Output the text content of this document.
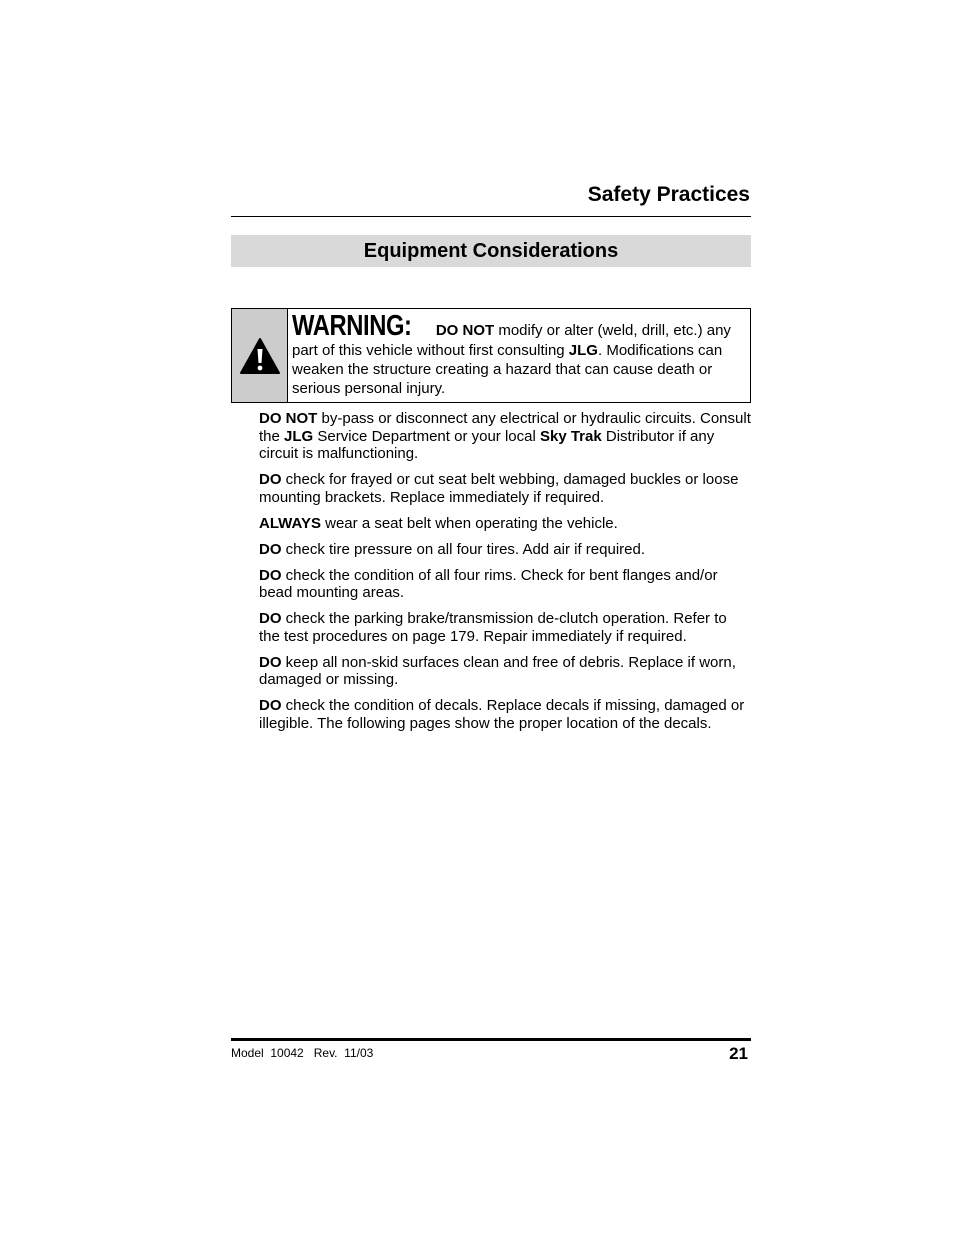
Safety Practices
Equipment Considerations
WARNING: DO NOT modify or alter (weld, drill, etc.) any part of this vehicle without first consulting JLG. Modifications can weaken the structure creating a hazard that can cause death or serious personal injury.

DO NOT by-pass or disconnect any electrical or hydraulic circuits. Consult the JLG Service Department or your local Sky Trak Distributor if any circuit is malfunctioning.

DO check for frayed or cut seat belt webbing, damaged buckles or loose mounting brackets. Replace immediately if required.

ALWAYS wear a seat belt when operating the vehicle.

DO check tire pressure on all four tires. Add air if required.

DO check the condition of all four rims. Check for bent flanges and/or bead mounting areas.

DO check the parking brake/transmission de-clutch operation. Refer to the test procedures on page 179. Repair immediately if required.

DO keep all non-skid surfaces clean and free of debris. Replace if worn, damaged or missing.

DO check the condition of decals. Replace decals if missing, damaged or illegible. The following pages show the proper location of the decals.

Model  10042   Rev.  11/03	21
